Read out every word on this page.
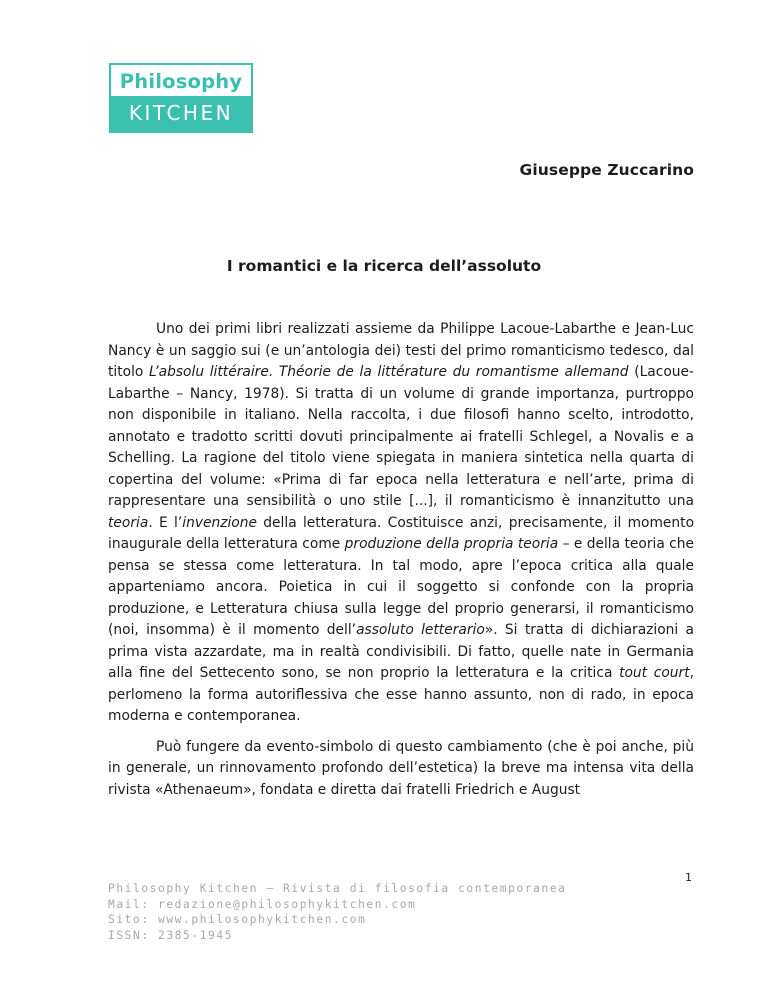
Philosophy
KITCHEN
Giuseppe Zuccarino
I romantici e la ricerca dell’assoluto

Uno dei primi libri realizzati assieme da Philippe Lacoue-Labarthe e Jean-Luc Nancy è un saggio sui (e un’antologia dei) testi del primo romanticismo tedesco, dal titolo L’absolu littéraire. Théorie de la littérature du romantisme allemand (Lacoue-Labarthe – Nancy, 1978). Si tratta di un volume di grande importanza, purtroppo non disponibile in italiano. Nella raccolta, i due filosofi hanno scelto, introdotto, annotato e tradotto scritti dovuti principalmente ai fratelli Schlegel, a Novalis e a Schelling. La ragione del titolo viene spiegata in maniera sintetica nella quarta di copertina del volume: «Prima di far epoca nella letteratura e nell’arte, prima di rappresentare una sensibilità o uno stile [...], il romanticismo è innanzitutto una teoria. E l’invenzione della letteratura. Costituisce anzi, precisamente, il momento inaugurale della letteratura come produzione della propria teoria – e della teoria che pensa se stessa come letteratura. In tal modo, apre l’epoca critica alla quale apparteniamo ancora. Poietica in cui il soggetto si confonde con la propria produzione, e Letteratura chiusa sulla legge del proprio generarsi, il romanticismo (noi, insomma) è il momento dell’assoluto letterario». Si tratta di dichiarazioni a prima vista azzardate, ma in realtà condivisibili. Di fatto, quelle nate in Germania alla fine del Settecento sono, se non proprio la letteratura e la critica tout court, perlomeno la forma autoriflessiva che esse hanno assunto, non di rado, in epoca moderna e contemporanea.

Può fungere da evento-simbolo di questo cambiamento (che è poi anche, più in generale, un rinnovamento profondo dell’estetica) la breve ma intensa vita della rivista «Athenaeum», fondata e diretta dai fratelli Friedrich e August

1
Philosophy Kitchen – Rivista di filosofia contemporanea
Mail: redazione@philosophykitchen.com
Sito: www.philosophykitchen.com
ISSN: 2385-1945
